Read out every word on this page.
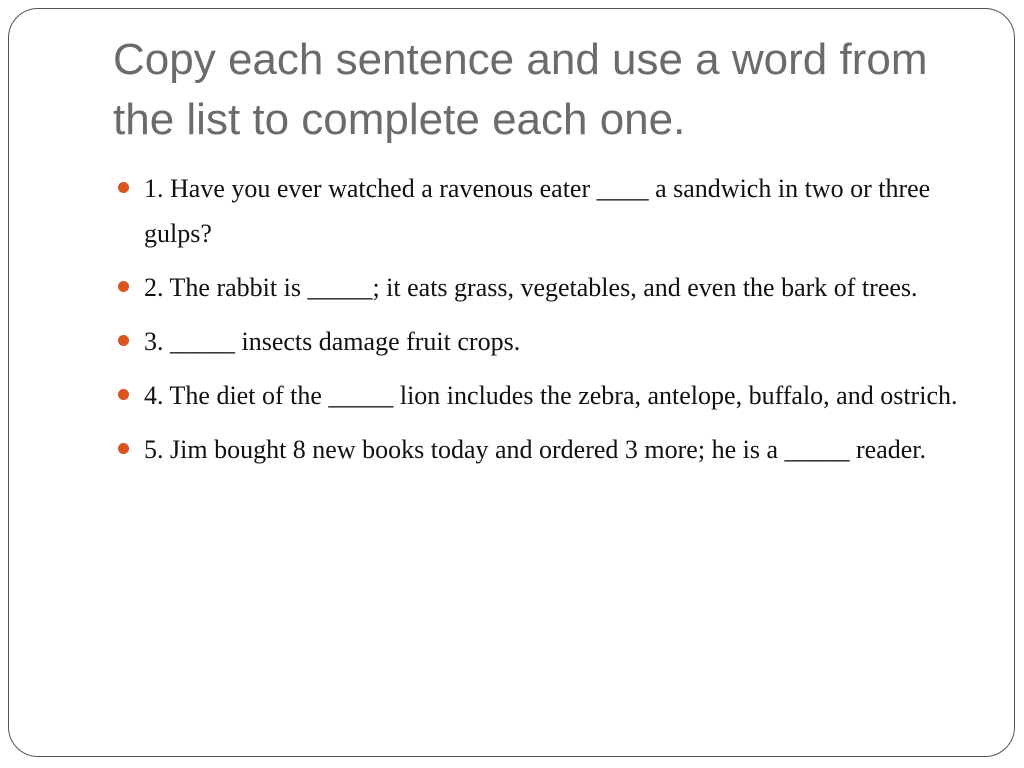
Copy each sentence and use a word from the list to complete each one.
1. Have you ever watched a ravenous eater ____ a sandwich in two or three gulps?
2. The rabbit is _____; it eats grass, vegetables, and even the bark of trees.
3. _____ insects damage fruit crops.
4. The diet of the _____ lion includes the zebra, antelope, buffalo, and ostrich.
5. Jim bought 8 new books today and ordered 3 more; he is a _____ reader.
